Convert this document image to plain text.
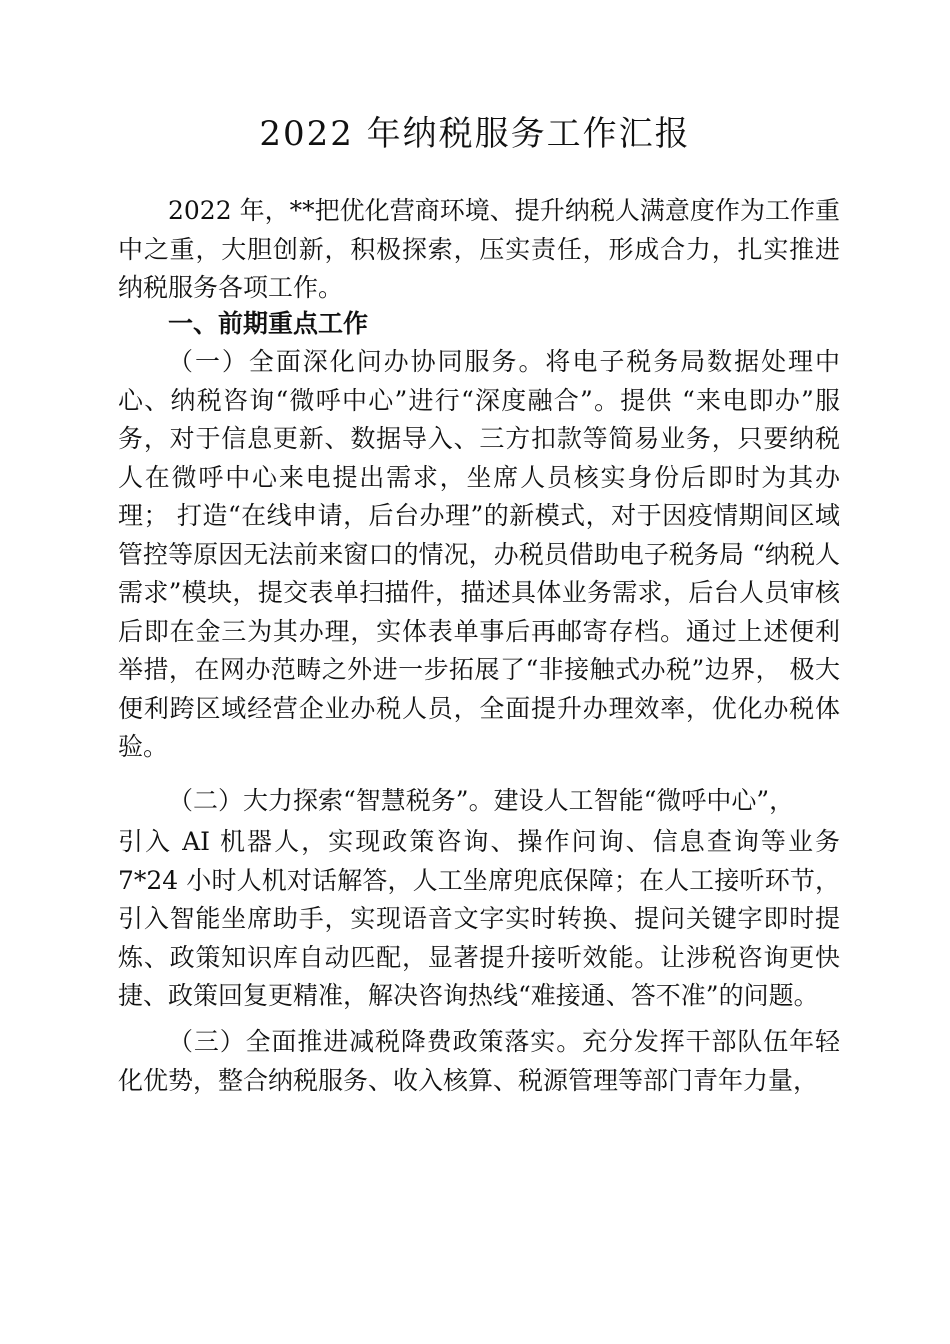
2022 年纳税服务工作汇报

2022 年，**把优化营商环境、提升纳税人满意度作为工作重中之重，大胆创新，积极探索，压实责任，形成合力，扎实推进纳税服务各项工作。

一、前期重点工作

（一）全面深化问办协同服务。将电子税务局数据处理中心、纳税咨询“微呼中心”进行“深度融合”。提供 “来电即办”服务，对于信息更新、数据导入、三方扣款等简易业务，只要纳税人在微呼中心来电提出需求，坐席人员核实身份后即时为其办理； 打造“在线申请，后台办理”的新模式，对于因疫情期间区域管控等原因无法前来窗口的情况，办税员借助电子税务局 “纳税人需求”模块，提交表单扫描件，描述具体业务需求，后台人员审核后即在金三为其办理，实体表单事后再邮寄存档。通过上述便利举措，在网办范畴之外进一步拓展了“非接触式办税”边界， 极大便利跨区域经营企业办税人员，全面提升办理效率，优化办税体验。

（二）大力探索“智慧税务”。建设人工智能“微呼中心”，

引入 AI 机器人，实现政策咨询、操作问询、信息查询等业务 7*24 小时人机对话解答，人工坐席兜底保障；在人工接听环节，引入智能坐席助手，实现语音文字实时转换、提问关键字即时提炼、政策知识库自动匹配，显著提升接听效能。让涉税咨询更快捷、政策回复更精准，解决咨询热线“难接通、答不准”的问题。

（三）全面推进减税降费政策落实。充分发挥干部队伍年轻化优势，整合纳税服务、收入核算、税源管理等部门青年力量，
